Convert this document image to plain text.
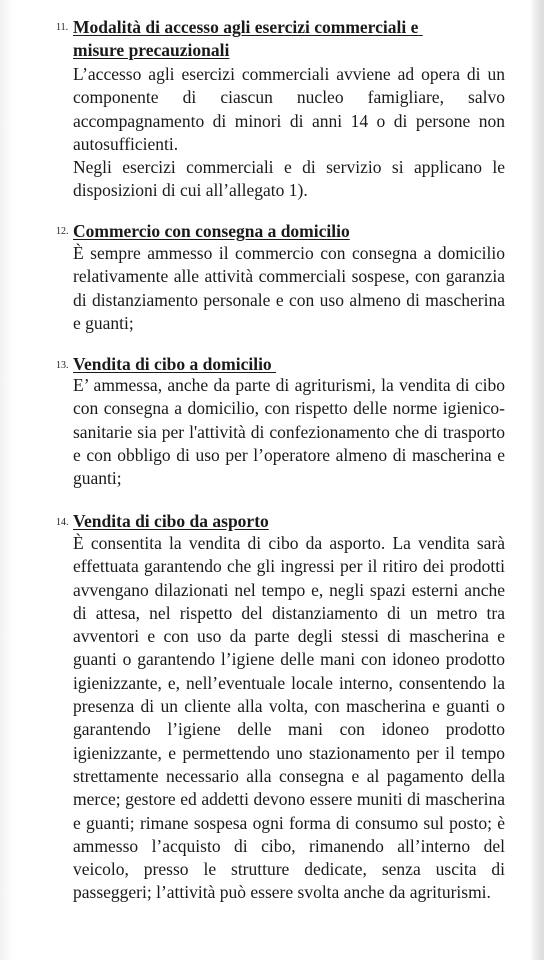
11. Modalità di accesso agli esercizi commerciali e misure precauzionali

L’accesso agli esercizi commerciali avviene ad opera di un componente di ciascun nucleo famigliare, salvo accompagnamento di minori di anni 14 o di persone non autosufficienti.

Negli esercizi commerciali e di servizio si applicano le disposizioni di cui all’allegato 1).

12. Commercio con consegna a domicilio

È sempre ammesso il commercio con consegna a domicilio relativamente alle attività commerciali sospese, con garanzia di distanziamento personale e con uso almeno di mascherina e guanti;

13. Vendita di cibo a domicilio

E’ ammessa, anche da parte di agriturismi, la vendita di cibo con consegna a domicilio, con rispetto delle norme igienico-sanitarie sia per l'attività di confezionamento che di trasporto e con obbligo di uso per l’operatore almeno di mascherina e guanti;

14. Vendita di cibo da asporto

È consentita la vendita di cibo da asporto. La vendita sarà effettuata garantendo che gli ingressi per il ritiro dei prodotti avvengano dilazionati nel tempo e, negli spazi esterni anche di attesa, nel rispetto del distanziamento di un metro tra avventori e con uso da parte degli stessi di mascherina e guanti o garantendo l’igiene delle mani con idoneo prodotto igienizzante, e, nell’eventuale locale interno, consentendo la presenza di un cliente alla volta, con mascherina e guanti o garantendo l’igiene delle mani con idoneo prodotto igienizzante, e permettendo uno stazionamento per il tempo strettamente necessario alla consegna e al pagamento della merce; gestore ed addetti devono essere muniti di mascherina e guanti; rimane sospesa ogni forma di consumo sul posto; è ammesso l’acquisto di cibo, rimanendo all’interno del veicolo, presso le strutture dedicate, senza uscita di passeggeri; l’attività può essere svolta anche da agriturismi.
